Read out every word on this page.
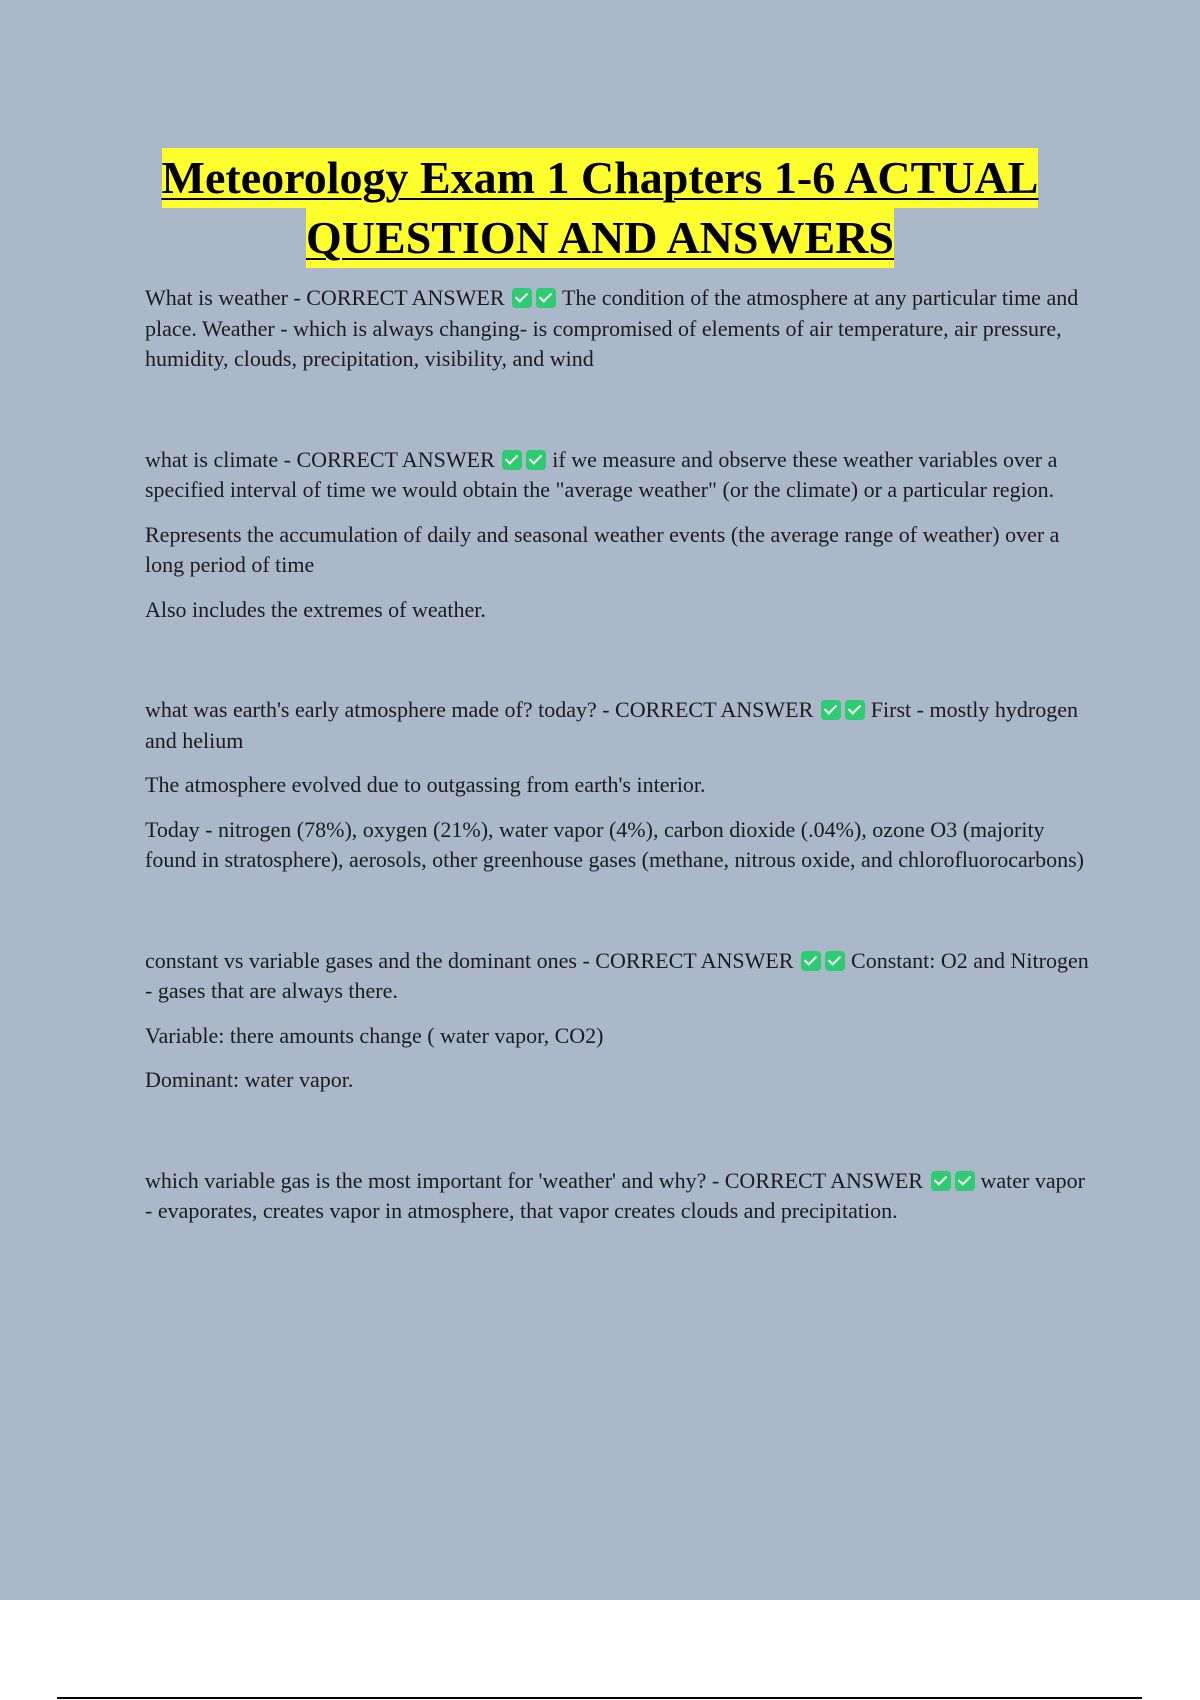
Meteorology Exam 1 Chapters 1-6 ACTUAL
QUESTION AND ANSWERS

What is weather - CORRECT ANSWER	The condition of the atmosphere at any particular time and place. Weather - which is always changing- is compromised of elements of air temperature, air pressure, humidity, clouds, precipitation, visibility, and wind

what is climate - CORRECT ANSWER	if we measure and observe these weather variables over a specified interval of time we would obtain the "average weather" (or the climate) or a particular region.

Represents the accumulation of daily and seasonal weather events (the average range of weather) over a long period of time

Also includes the extremes of weather.

what was earth's early atmosphere made of? today? - CORRECT ANSWER	First - mostly hydrogen and helium

The atmosphere evolved due to outgassing from earth's interior.

Today - nitrogen (78%), oxygen (21%), water vapor (4%), carbon dioxide (.04%), ozone O3 (majority found in stratosphere), aerosols, other greenhouse gases (methane, nitrous oxide, and chlorofluorocarbons)

constant vs variable gases and the dominant ones - CORRECT ANSWER	Constant: O2 and Nitrogen - gases that are always there.

Variable: there amounts change ( water vapor, CO2)

Dominant: water vapor.

which variable gas is the most important for 'weather' and why? - CORRECT ANSWER	water vapor - evaporates, creates vapor in atmosphere, that vapor creates clouds and precipitation.
